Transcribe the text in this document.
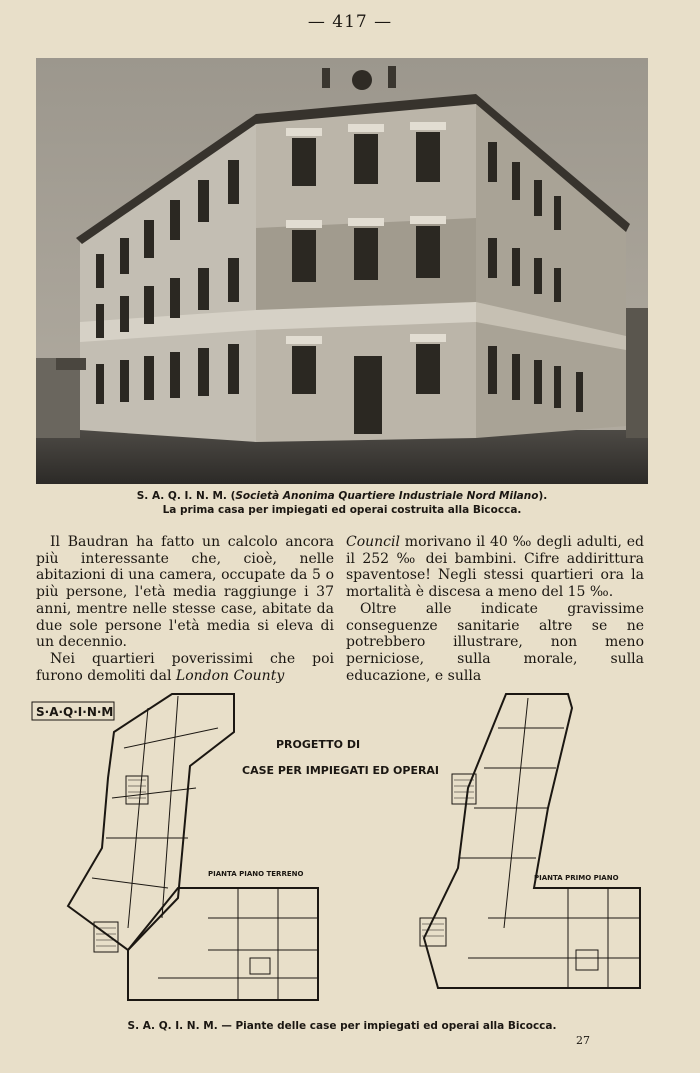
— 417 —
S. A. Q. I. N. M. (Società Anonima Quartiere Industriale Nord Milano).
La prima casa per impiegati ed operai costruita alla Bicocca.

Il Baudran ha fatto un calcolo ancora più interessante che, cioè, nelle abitazioni di una camera, occupate da 5 o più persone, l'età media raggiunge i 37 anni, mentre nelle stesse case, abitate da due sole persone l'età media si eleva di un decennio.

Nei quartieri poverissimi che poi furono demoliti dal London County

Council morivano il 40 ‰ degli adulti, ed il 252 ‰ dei bambini. Cifre addirittura spaventose! Negli stessi quartieri ora la mortalità è discesa a meno del 15 ‰.

Oltre alle indicate gravissime conseguenze sanitarie altre se ne potrebbero illustrare, non meno perniciose, sulla morale, sulla educazione, e sulla

S·A·Q·I·N·M
PROGETTO DI
CASE PER IMPIEGATI ED OPERAI
PIANTA PIANO TERRENO	PIANTA PRIMO PIANO
S. A. Q. I. N. M. — Piante delle case per impiegati ed operai alla Bicocca.
27
